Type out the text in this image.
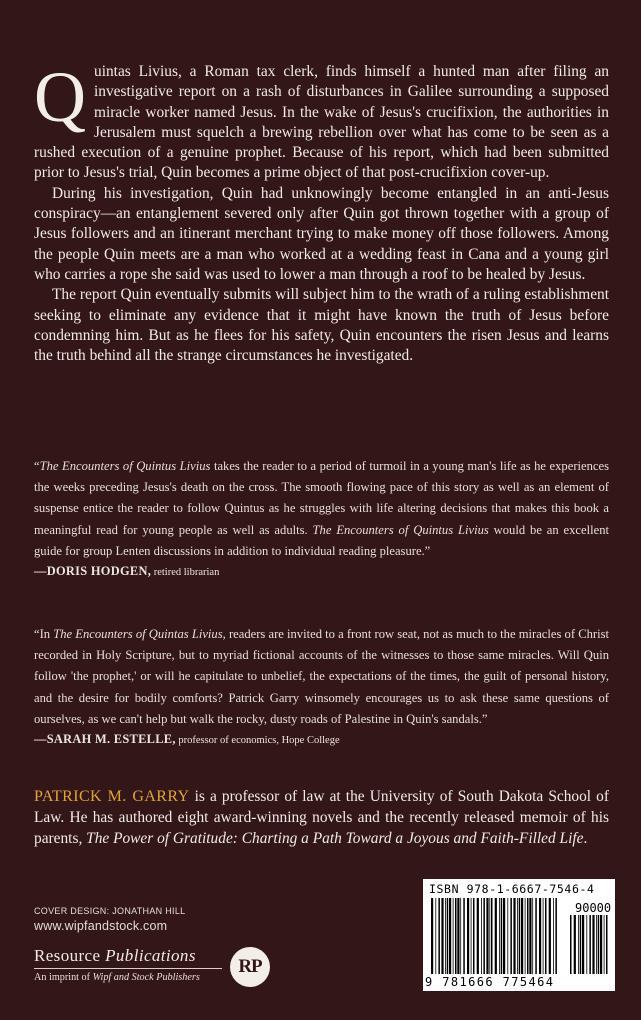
Quintas Livius, a Roman tax clerk, finds himself a hunted man after filing an investigative report on a rash of disturbances in Galilee surrounding a supposed miracle worker named Jesus. In the wake of Jesus's crucifixion, the authorities in Jerusalem must squelch a brewing rebellion over what has come to be seen as a rushed execution of a genuine prophet. Because of his report, which had been submitted prior to Jesus's trial, Quin becomes a prime object of that post-crucifixion cover-up.

During his investigation, Quin had unknowingly become entangled in an anti-Jesus conspiracy—an entanglement severed only after Quin got thrown together with a group of Jesus followers and an itinerant merchant trying to make money off those followers. Among the people Quin meets are a man who worked at a wedding feast in Cana and a young girl who carries a rope she said was used to lower a man through a roof to be healed by Jesus.

The report Quin eventually submits will subject him to the wrath of a ruling establishment seeking to eliminate any evidence that it might have known the truth of Jesus before condemning him. But as he flees for his safety, Quin encounters the risen Jesus and learns the truth behind all the strange circumstances he investigated.

“The Encounters of Quintus Livius takes the reader to a period of turmoil in a young man's life as he experiences the weeks preceding Jesus's death on the cross. The smooth flowing pace of this story as well as an element of suspense entice the reader to follow Quintus as he struggles with life altering decisions that makes this book a meaningful read for young people as well as adults. The Encounters of Quintus Livius would be an excellent guide for group Lenten discussions in addition to individual reading pleasure.”

—DORIS HODGEN, retired librarian

“In The Encounters of Quintas Livius, readers are invited to a front row seat, not as much to the miracles of Christ recorded in Holy Scripture, but to myriad fictional accounts of the witnesses to those same miracles. Will Quin follow 'the prophet,' or will he capitulate to unbelief, the expectations of the times, the guilt of personal history, and the desire for bodily comforts? Patrick Garry winsomely encourages us to ask these same questions of ourselves, as we can't help but walk the rocky, dusty roads of Palestine in Quin's sandals.”

—SARAH M. ESTELLE, professor of economics, Hope College

PATRICK M. GARRY is a professor of law at the University of South Dakota School of Law. He has authored eight award-winning novels and the recently released memoir of his parents, The Power of Gratitude: Charting a Path Toward a Joyous and Faith-Filled Life.

COVER DESIGN: JONATHAN HILL
www.wipfandstock.com
Resource Publications
An imprint of Wipf and Stock Publishers
RP
ISBN 978-1-6667-7546-4
90000
9 781666 775464
